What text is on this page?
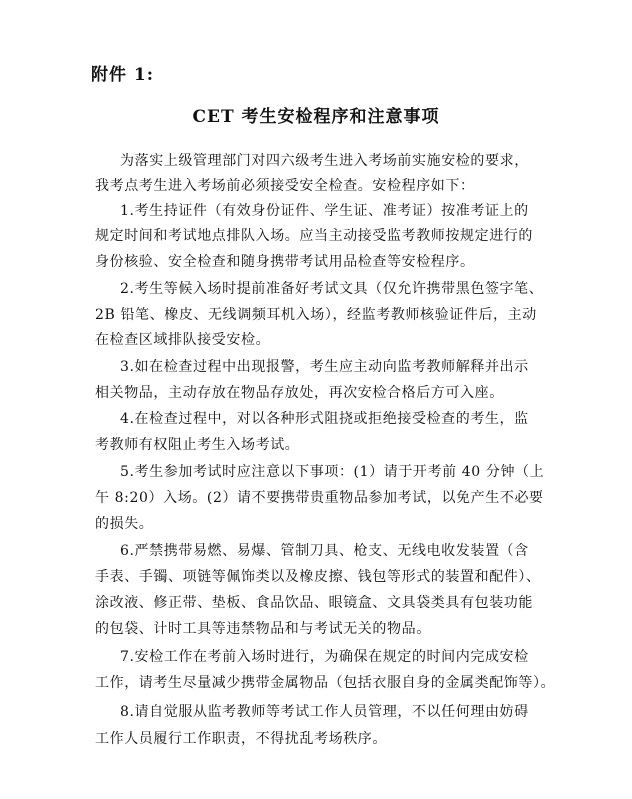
附件 1:
CET 考生安检程序和注意事项
为落实上级管理部门对四六级考生进入考场前实施安检的要求，
我考点考生进入考场前必须接受安全检查。安检程序如下：
1.考生持证件（有效身份证件、学生证、准考证）按准考证上的
规定时间和考试地点排队入场。应当主动接受监考教师按规定进行的
身份核验、安全检查和随身携带考试用品检查等安检程序。
2.考生等候入场时提前准备好考试文具（仅允许携带黑色签字笔、
2B 铅笔、橡皮、无线调频耳机入场），经监考教师核验证件后，主动
在检查区域排队接受安检。
3.如在检查过程中出现报警，考生应主动向监考教师解释并出示
相关物品，主动存放在物品存放处，再次安检合格后方可入座。
4.在检查过程中，对以各种形式阻挠或拒绝接受检查的考生，监
考教师有权阻止考生入场考试。
5.考生参加考试时应注意以下事项：(1）请于开考前 40 分钟（上
午 8:20）入场。(2）请不要携带贵重物品参加考试，以免产生不必要
的损失。
6.严禁携带易燃、易爆、管制刀具、枪支、无线电收发装置（含
手表、手镯、项链等佩饰类以及橡皮擦、钱包等形式的装置和配件）、
涂改液、修正带、垫板、食品饮品、眼镜盒、文具袋类具有包装功能
的包袋、计时工具等违禁物品和与考试无关的物品。
7.安检工作在考前入场时进行，为确保在规定的时间内完成安检
工作，请考生尽量减少携带金属物品（包括衣服自身的金属类配饰等）。
8.请自觉服从监考教师等考试工作人员管理，不以任何理由妨碍
工作人员履行工作职责，不得扰乱考场秩序。
